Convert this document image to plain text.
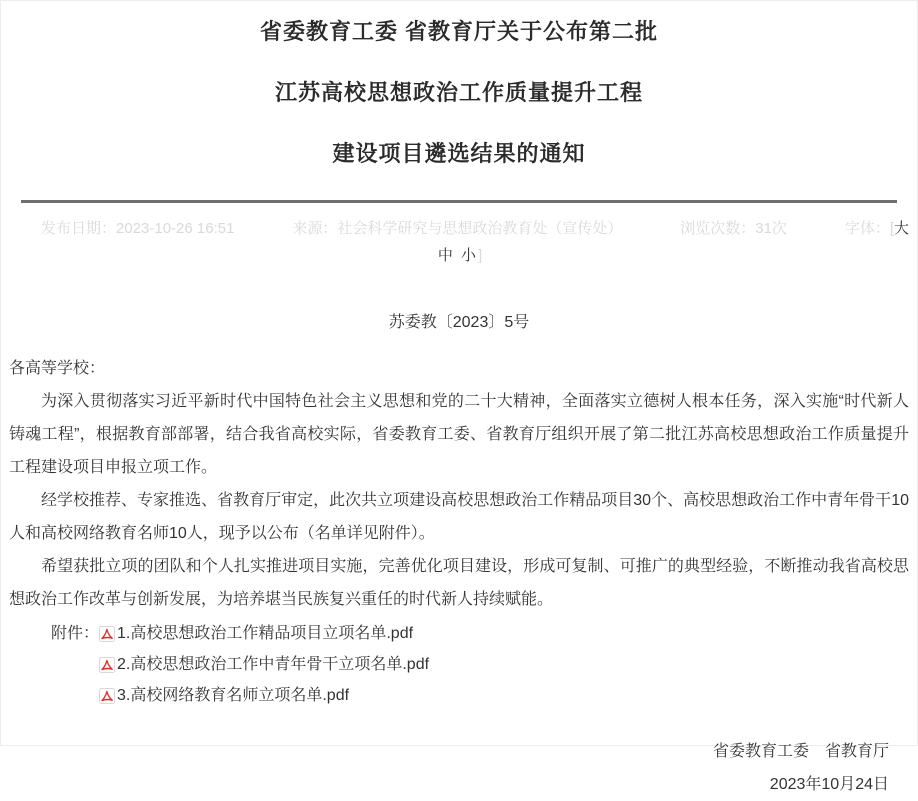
省委教育工委 省教育厅关于公布第二批
江苏高校思想政治工作质量提升工程
建设项目遴选结果的通知
发布日期：2023-10-26 16:51	来源：社会科学研究与思想政治教育处（宣传处）	浏览次数：31次	字体：[大
中 小 ]
苏委教〔2023〕5号
各高等学校：

为深入贯彻落实习近平新时代中国特色社会主义思想和党的二十大精神，全面落实立德树人根本任务，深入实施“时代新人铸魂工程”，根据教育部部署，结合我省高校实际，省委教育工委、省教育厅组织开展了第二批江苏高校思想政治工作质量提升工程建设项目申报立项工作。

经学校推荐、专家推选、省教育厅审定，此次共立项建设高校思想政治工作精品项目30个、高校思想政治工作中青年骨干10人和高校网络教育名师10人，现予以公布（名单详见附件）。

希望获批立项的团队和个人扎实推进项目实施，完善优化项目建设，形成可复制、可推广的典型经验，不断推动我省高校思想政治工作改革与创新发展，为培养堪当民族复兴重任的时代新人持续赋能。

附件： 1.高校思想政治工作精品项目立项名单.pdf
2.高校思想政治工作中青年骨干立项名单.pdf
3.高校网络教育名师立项名单.pdf
省委教育工委　省教育厅
2023年10月24日
